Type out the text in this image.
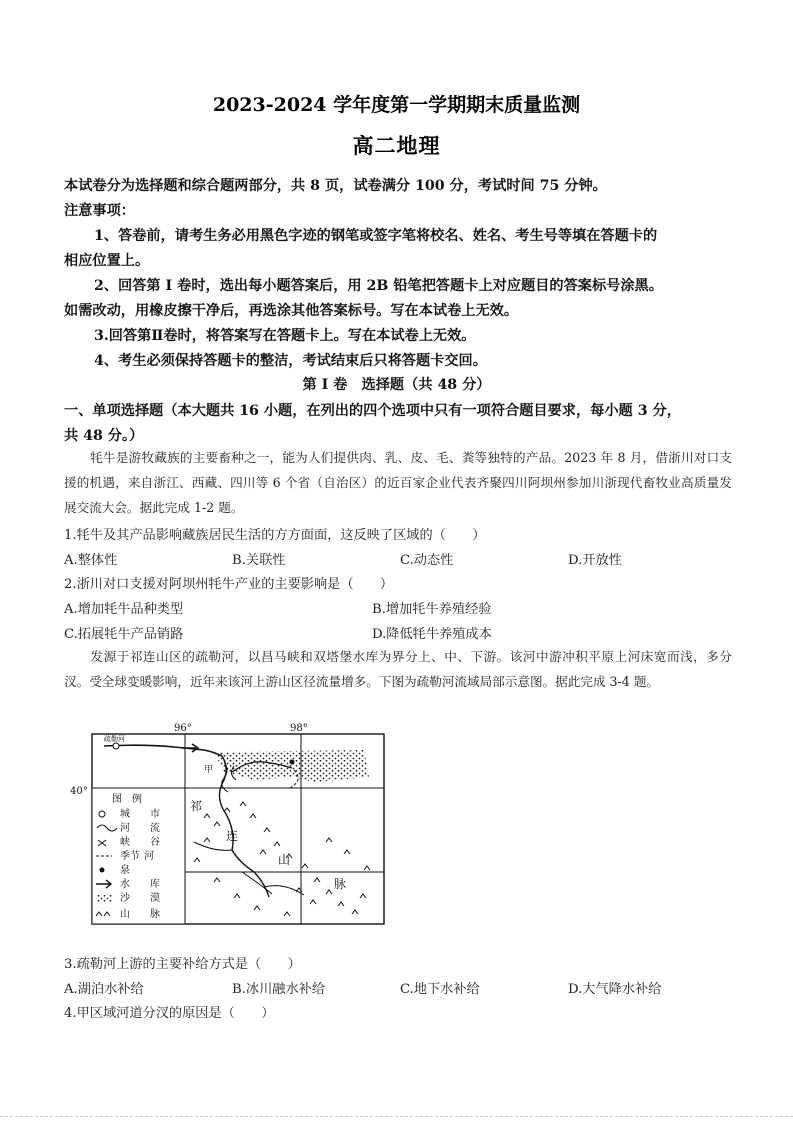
2023-2024 学年度第一学期期末质量监测
高二地理
本试卷分为选择题和综合题两部分，共 8 页，试卷满分 100 分，考试时间 75 分钟。
注意事项：
1、答卷前，请考生务必用黑色字迹的钢笔或签字笔将校名、姓名、考生号等填在答题卡的
相应位置上。
2、回答第 I 卷时，选出每小题答案后，用 2B 铅笔把答题卡上对应题目的答案标号涂黑。
如需改动，用橡皮擦干净后，再选涂其他答案标号。写在本试卷上无效。
3.回答第Ⅱ卷时，将答案写在答题卡上。写在本试卷上无效。
4、考生必须保持答题卡的整洁，考试结束后只将答题卡交回。
第 I 卷　选择题（共 48 分）
一、单项选择题（本大题共 16 小题，在列出的四个选项中只有一项符合题目要求，每小题 3 分，
共 48 分。）
牦牛是游牧藏族的主要畜种之一，能为人们提供肉、乳、皮、毛、粪等独特的产品。2023 年 8 月，借浙川对口支援的机遇，来自浙江、西藏、四川等 6 个省（自治区）的近百家企业代表齐聚四川阿坝州参加川浙现代畜牧业高质量发展交流大会。据此完成 1-2 题。
1.牦牛及其产品影响藏族居民生活的方方面面，这反映了区域的（　　）
A.整体性	B.关联性	C.动态性	D.开放性
2.浙川对口支援对阿坝州牦牛产业的主要影响是（　　）
A.增加牦牛品种类型	B.增加牦牛养殖经验
C.拓展牦牛产品销路	D.降低牦牛养殖成本
发源于祁连山区的疏勒河，以昌马峡和双塔堡水库为界分上、中、下游。该河中游冲积平原上河床宽而浅，多分汊。受全球变暖影响，近年来该河上游山区径流量增多。下图为疏勒河流域局部示意图。据此完成 3-4 题。
96°	98°
40°
疏勒河
甲
祁
连
山
脉
图　例
城 市
河 流
峡 谷
季节 河
泉
水 库
沙 漠
山 脉
3.疏勒河上游的主要补给方式是（　　）
A.湖泊水补给	B.冰川融水补给	C.地下水补给	D.大气降水补给
4.甲区域河道分汊的原因是（　　）
